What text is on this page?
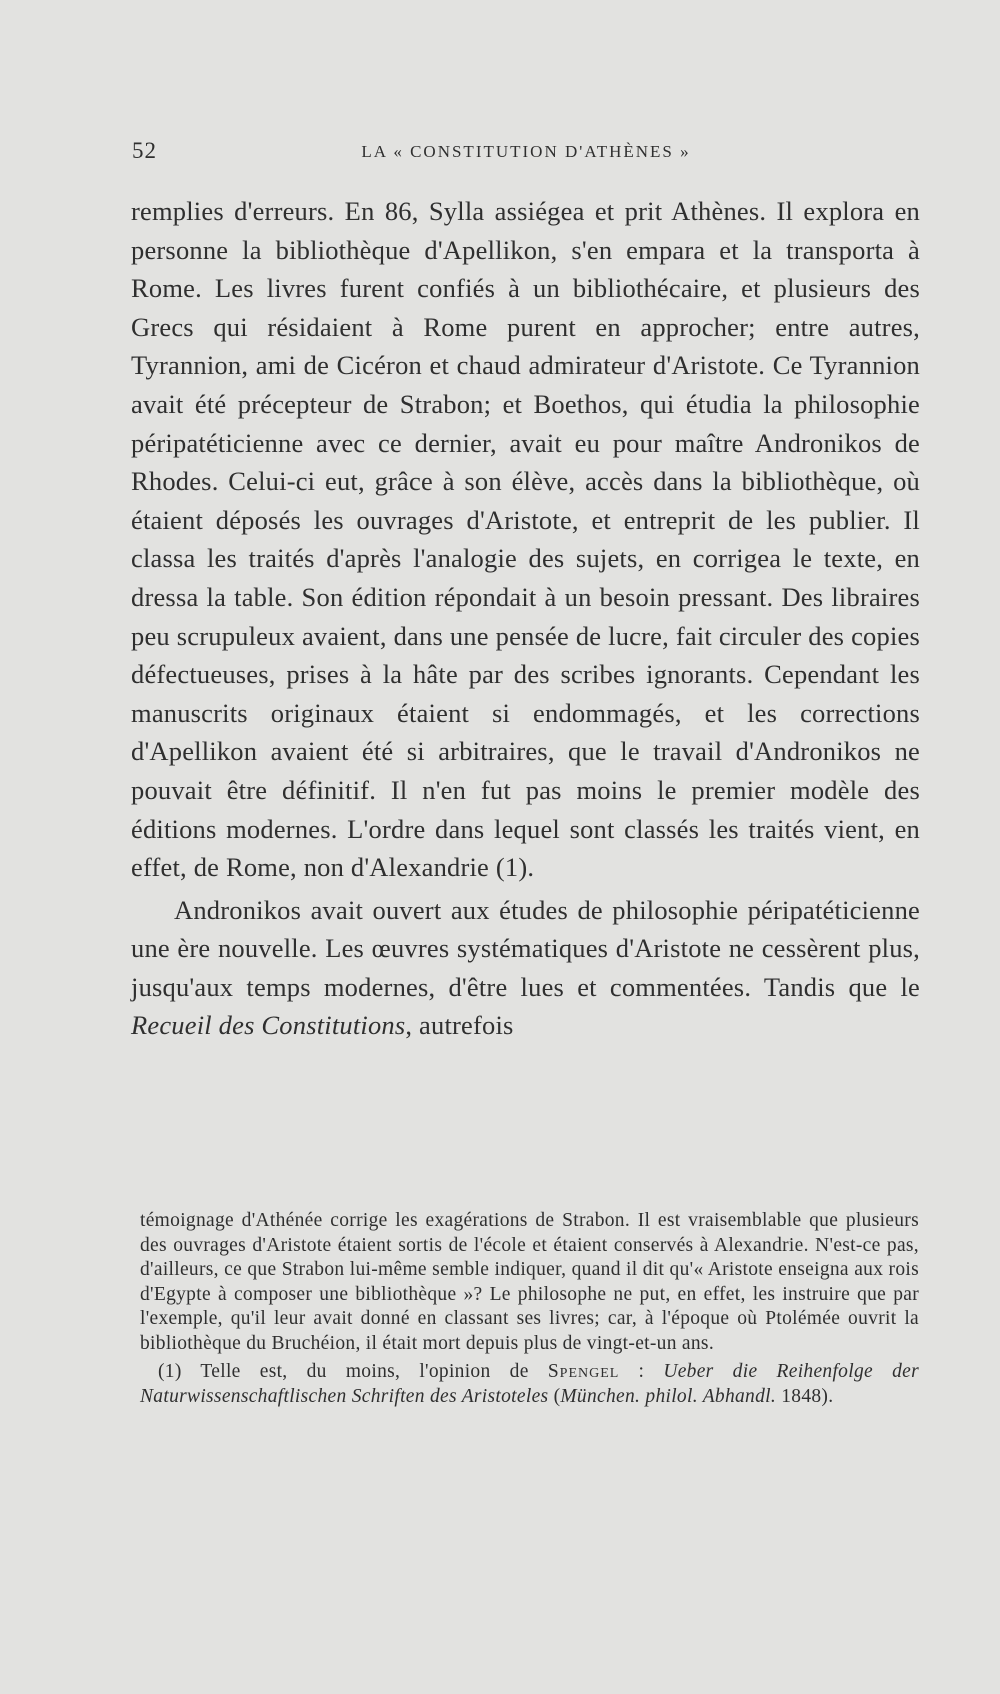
52	LA « CONSTITUTION D'ATHÈNES »

remplies d'erreurs. En 86, Sylla assiégea et prit Athènes. Il explora en personne la bibliothèque d'Apellikon, s'en empara et la transporta à Rome. Les livres furent confiés à un bibliothécaire, et plusieurs des Grecs qui résidaient à Rome purent en approcher; entre autres, Tyrannion, ami de Cicéron et chaud admirateur d'Aristote. Ce Tyrannion avait été précepteur de Strabon; et Boethos, qui étudia la philosophie péripatéticienne avec ce dernier, avait eu pour maître Andronikos de Rhodes. Celui-ci eut, grâce à son élève, accès dans la bibliothèque, où étaient déposés les ouvrages d'Aristote, et entreprit de les publier. Il classa les traités d'après l'analogie des sujets, en corrigea le texte, en dressa la table. Son édition répondait à un besoin pressant. Des libraires peu scrupuleux avaient, dans une pensée de lucre, fait circuler des copies défectueuses, prises à la hâte par des scribes ignorants. Cependant les manuscrits originaux étaient si endommagés, et les corrections d'Apellikon avaient été si arbitraires, que le travail d'Andronikos ne pouvait être définitif. Il n'en fut pas moins le premier modèle des éditions modernes. L'ordre dans lequel sont classés les traités vient, en effet, de Rome, non d'Alexandrie (1).

Andronikos avait ouvert aux études de philosophie péripatéticienne une ère nouvelle. Les œuvres systématiques d'Aristote ne cessèrent plus, jusqu'aux temps modernes, d'être lues et commentées. Tandis que le Recueil des Constitutions, autrefois

témoignage d'Athénée corrige les exagérations de Strabon. Il est vraisemblable que plusieurs des ouvrages d'Aristote étaient sortis de l'école et étaient conservés à Alexandrie. N'est-ce pas, d'ailleurs, ce que Strabon lui-même semble indiquer, quand il dit qu'« Aristote enseigna aux rois d'Egypte à composer une bibliothèque »? Le philosophe ne put, en effet, les instruire que par l'exemple, qu'il leur avait donné en classant ses livres; car, à l'époque où Ptolémée ouvrit la bibliothèque du Bruchéion, il était mort depuis plus de vingt-et-un ans.

(1) Telle est, du moins, l'opinion de Spengel : Ueber die Reihenfolge der Naturwissenschaftlischen Schriften des Aristoteles (München. philol. Abhandl. 1848).
